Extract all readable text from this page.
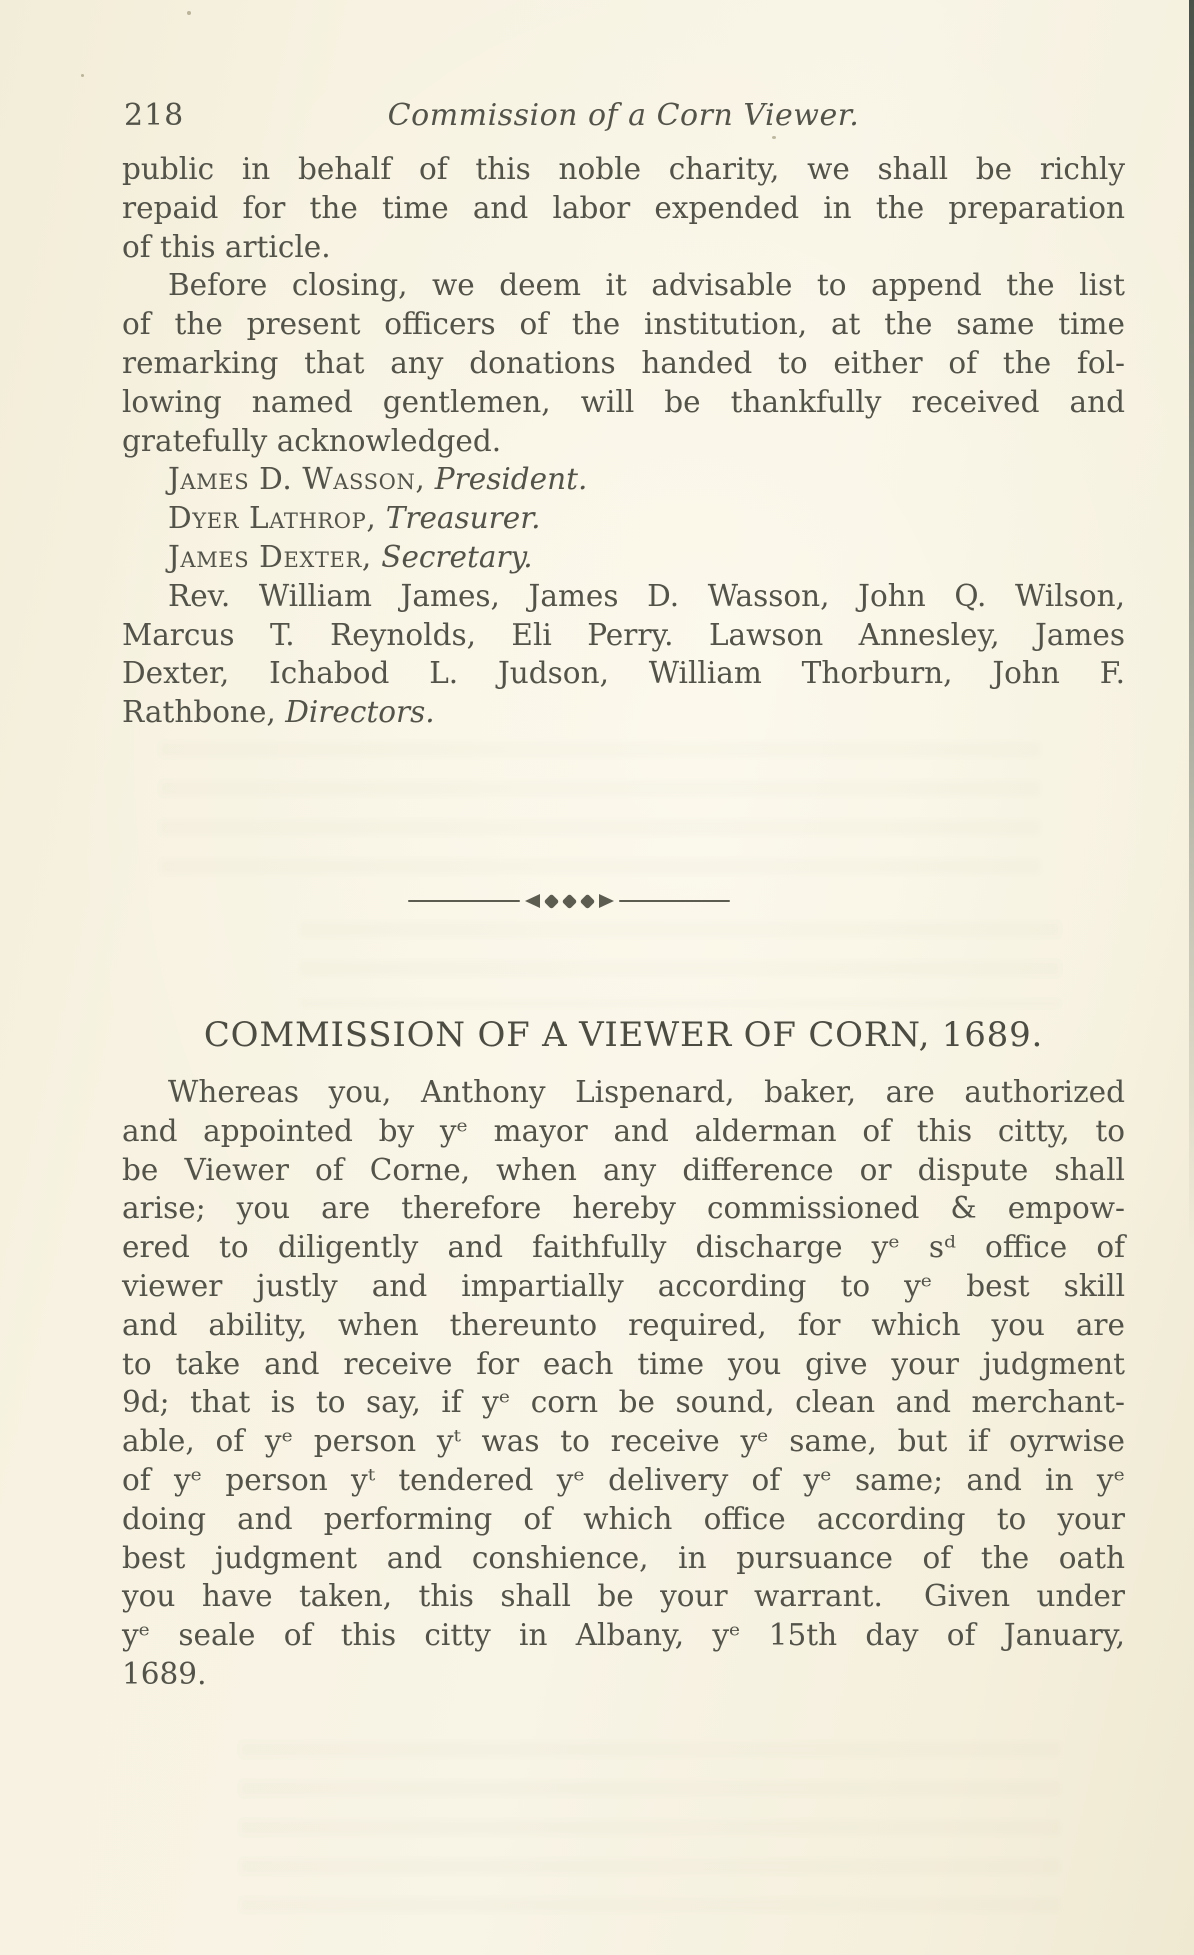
218	Commission of a Corn Viewer.
public in behalf of this noble charity, we shall be richly
repaid for the time and labor expended in the preparation
of this article.
Before closing, we deem it advisable to append the list
of the present officers of the institution, at the same time
remarking that any donations handed to either of the fol-
lowing named gentlemen, will be thankfully received and
gratefully acknowledged.
James D. Wasson, President.
Dyer Lathrop, Treasurer.
James Dexter, Secretary.
Rev. William James, James D. Wasson, John Q. Wilson,
Marcus T. Reynolds, Eli Perry. Lawson Annesley, James
Dexter, Ichabod L. Judson, William Thorburn, John F.
Rathbone, Directors.
COMMISSION OF A VIEWER OF CORN, 1689.
Whereas you, Anthony Lispenard, baker, are authorized
and appointed by yᵉ mayor and alderman of this citty, to
be Viewer of Corne, when any difference or dispute shall
arise; you are therefore hereby commissioned & empow-
ered to diligently and faithfully discharge yᵉ sᵈ office of
viewer justly and impartially according to yᵉ best skill
and ability, when thereunto required, for which you are
to take and receive for each time you give your judgment
9d; that is to say, if yᵉ corn be sound, clean and merchant-
able, of yᵉ person yᵗ was to receive yᵉ same, but if oyrwise
of yᵉ person yᵗ tendered yᵉ delivery of yᵉ same; and in yᵉ
doing and performing of which office according to your
best judgment and conshience, in pursuance of the oath
you have taken, this shall be your warrant.  Given under
yᵉ seale of this citty in Albany, yᵉ 15th day of January,
1689.
